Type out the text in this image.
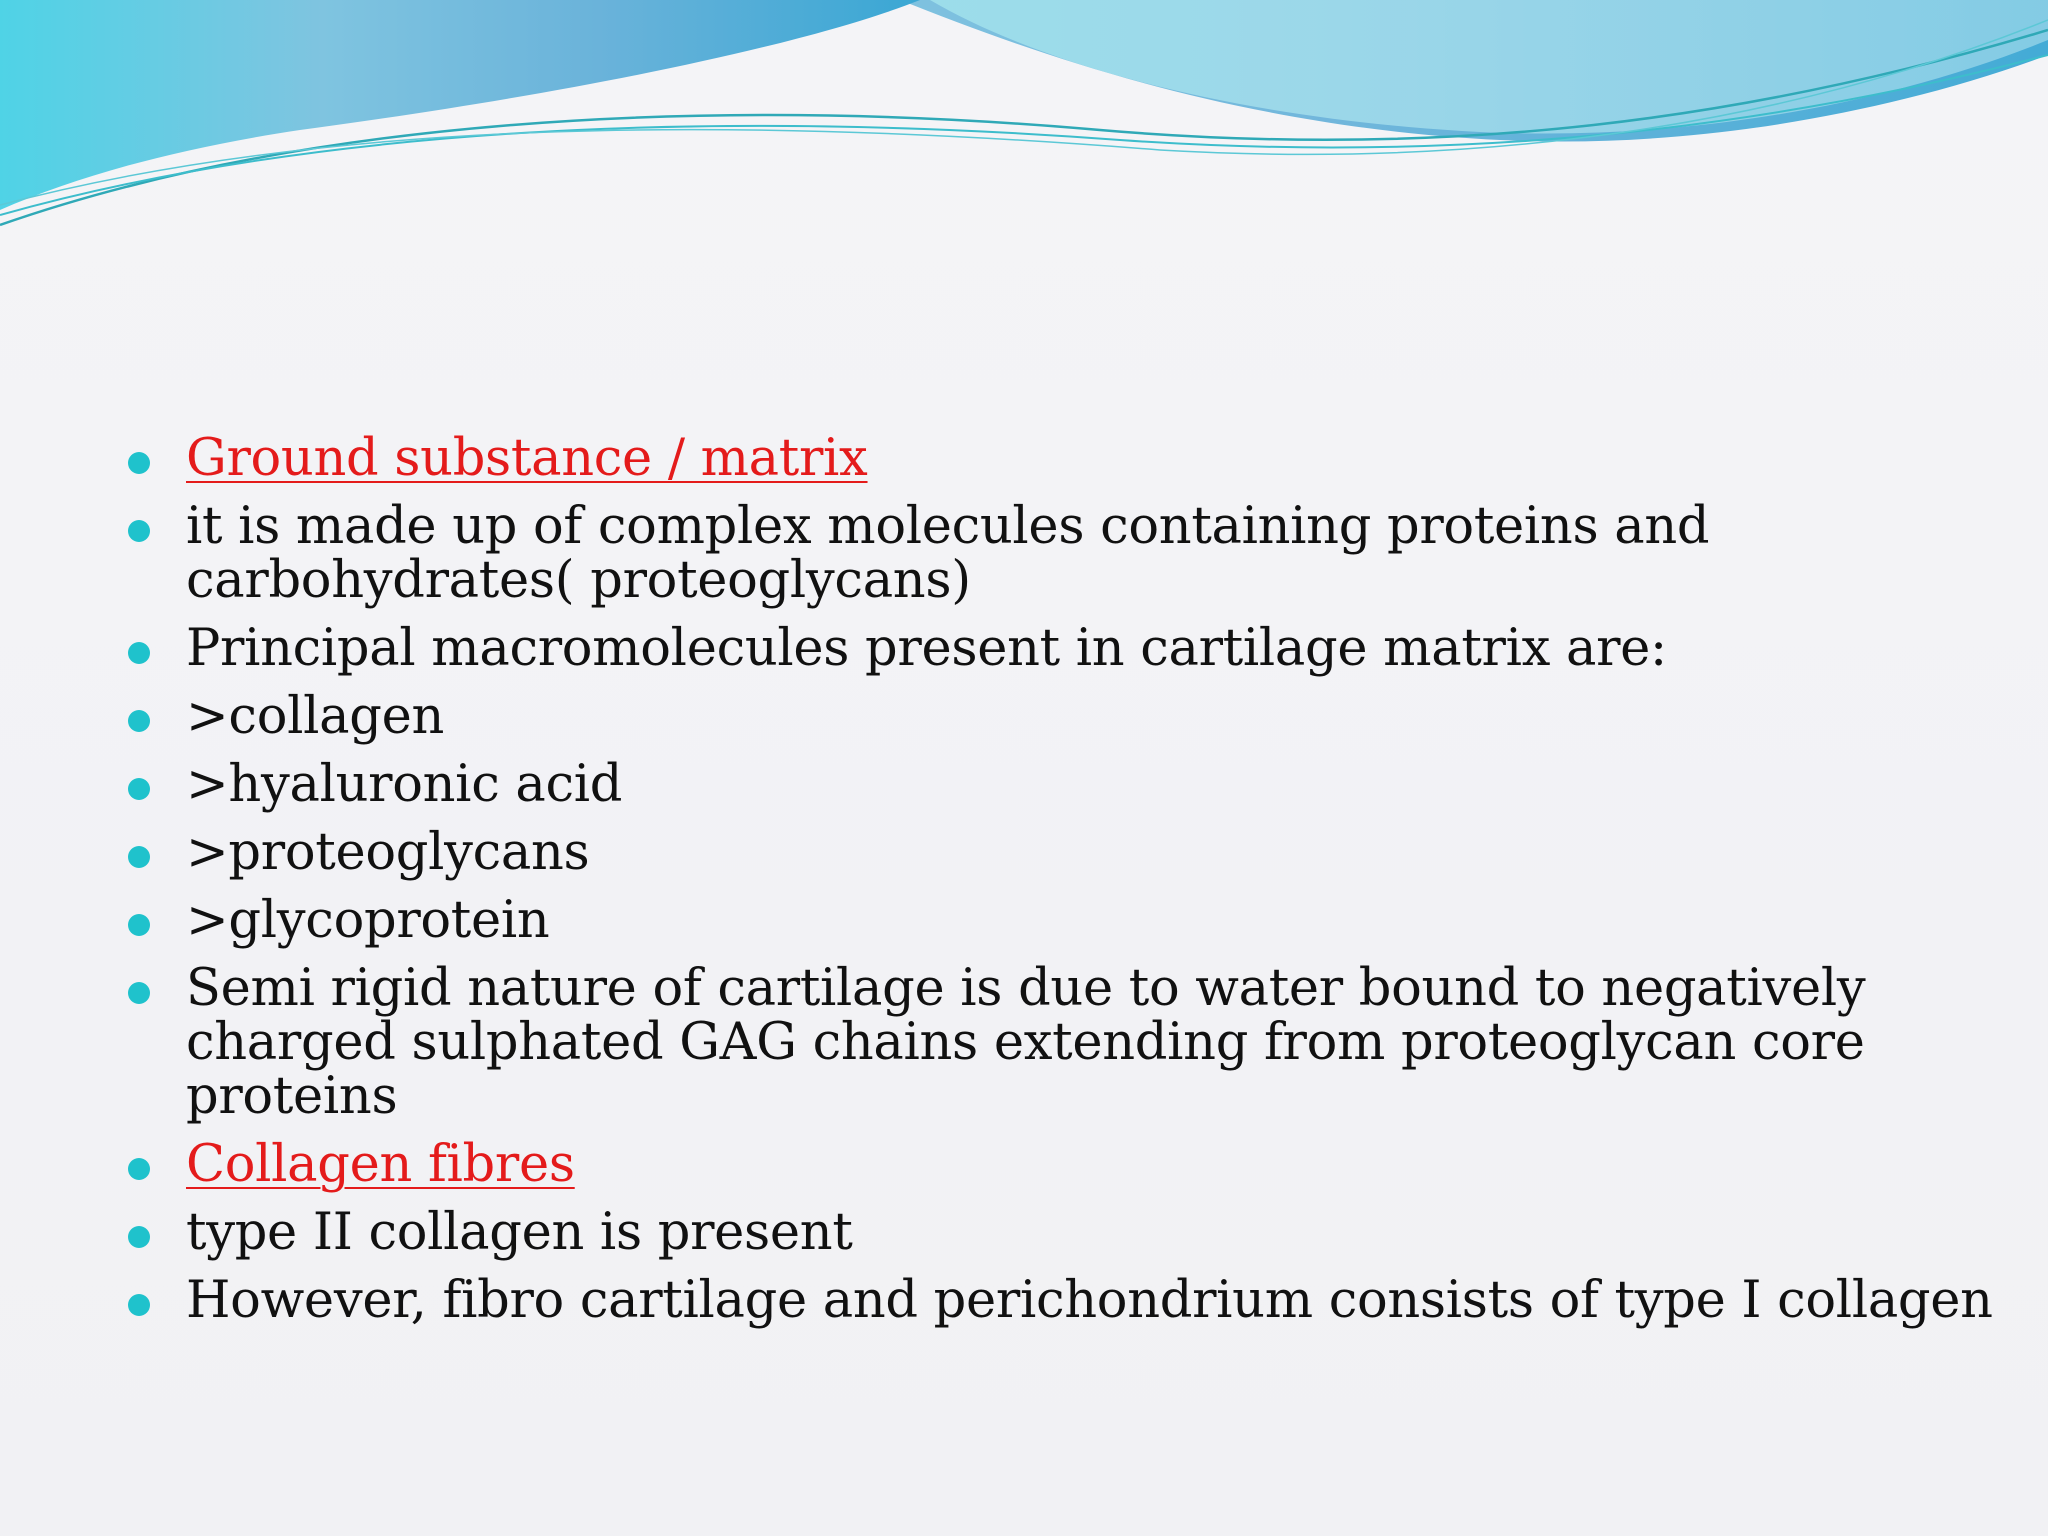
Ground substance / matrix
it is made up of complex molecules containing proteins and carbohydrates( proteoglycans)
Principal macromolecules present in cartilage matrix are:
>collagen
>hyaluronic acid
>proteoglycans
>glycoprotein
Semi rigid nature of cartilage is due to water bound to negatively charged sulphated GAG chains extending from proteoglycan core proteins
Collagen fibres
type II collagen is present
However, fibro cartilage and perichondrium consists of type I collagen
